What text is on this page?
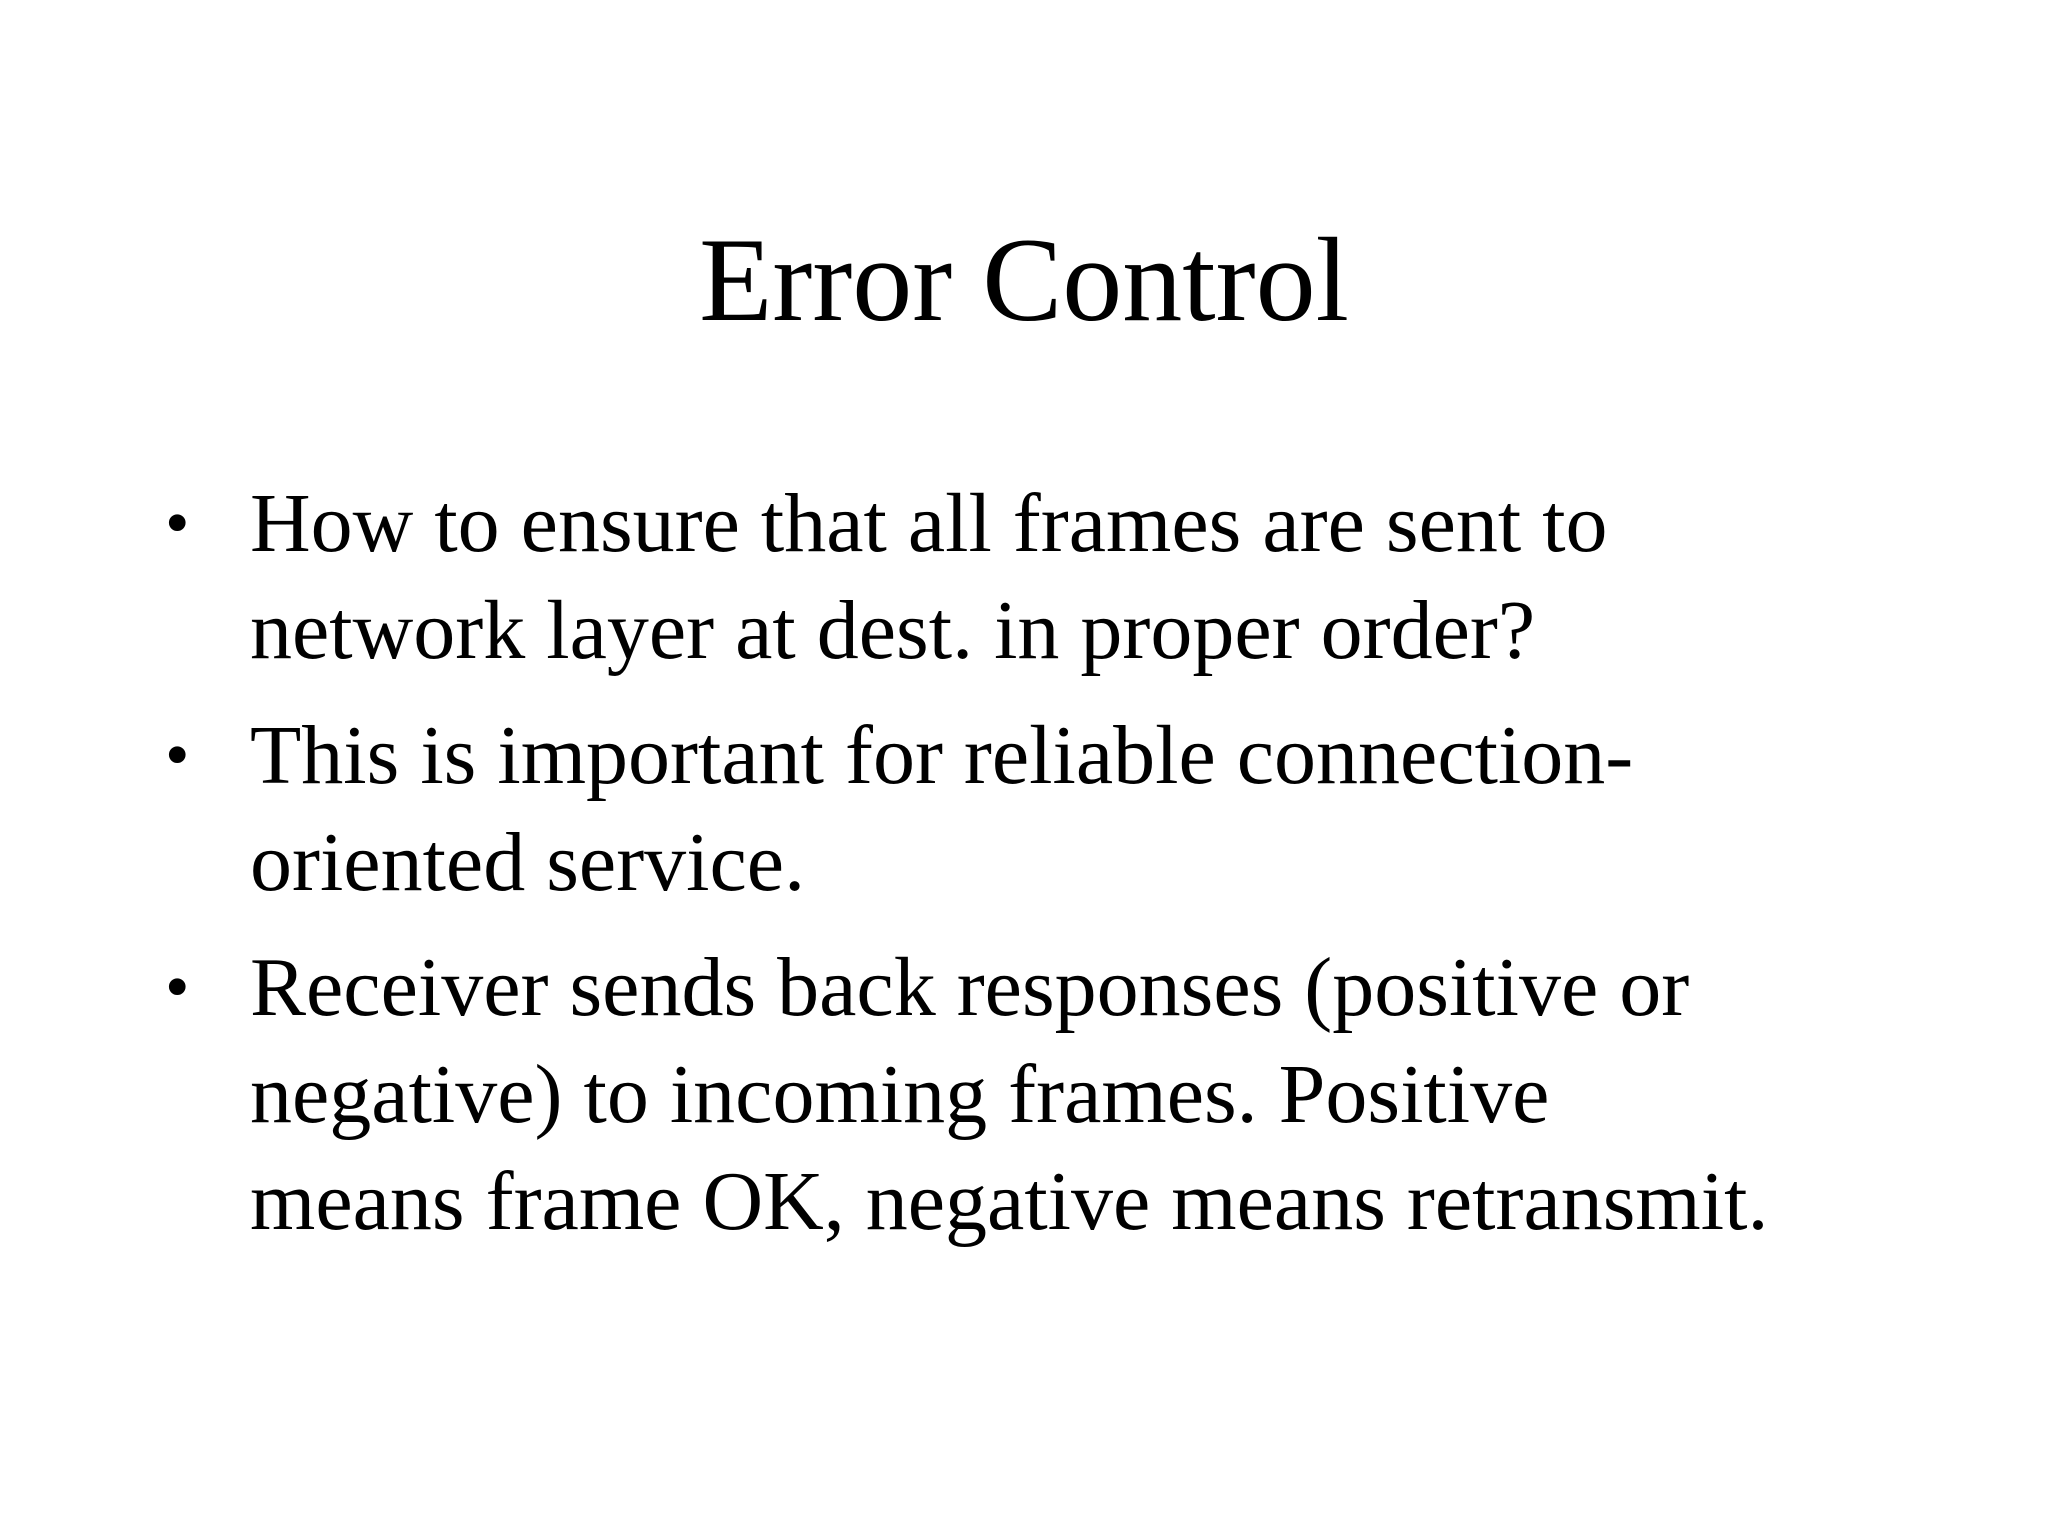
Error Control
• How to ensure that all frames are sent to
network layer at dest. in proper order?
• This is important for reliable connection-
oriented service.
• Receiver sends back responses (positive or
negative) to incoming frames. Positive
means frame OK, negative means retransmit.
